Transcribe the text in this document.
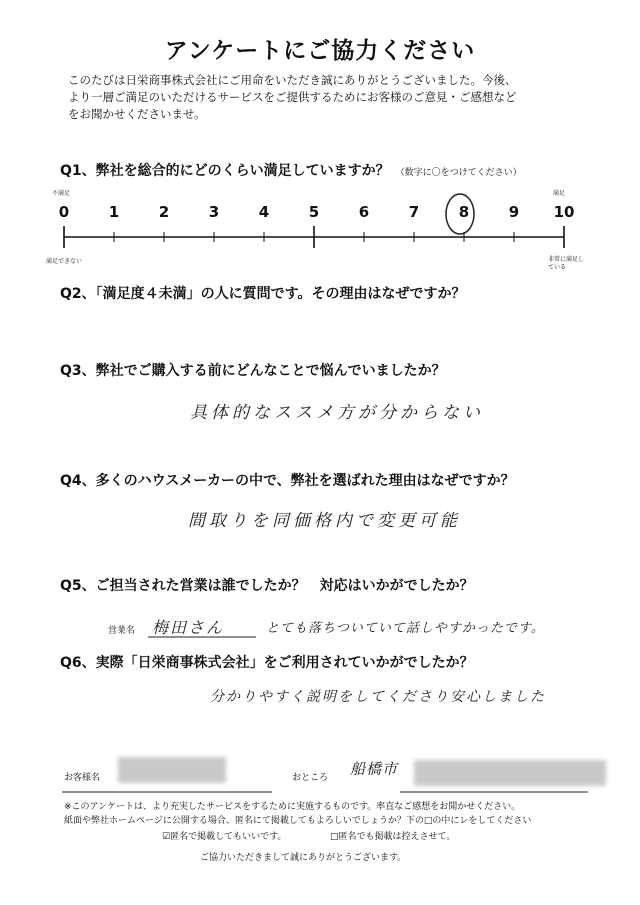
アンケートにご協力ください
このたびは日栄商事株式会社にご用命をいただき誠にありがとうございました。今後、
より一層ご満足のいただけるサービスをご提供するためにお客様のご意見・ご感想など
をお聞かせくださいませ。
Q1、弊社を総合的にどのくらい満足していますか？ （数字に〇をつけてください）
不満足	満足
0	1	2	3	4	5	6	7	8	9 10
満足できない	非常に満足している
Q2、「満足度４未満」の人に質問です。その理由はなぜですか？
Q3、弊社でご購入する前にどんなことで悩んでいましたか？
具体的なススメ方が分からない
Q4、多くのハウスメーカーの中で、弊社を選ばれた理由はなぜですか？
間取りを同価格内で変更可能
Q5、ご担当された営業は誰でしたか？　対応はいかがでしたか？
営業名 梅田さん	とても落ちついていて話しやすかったです。
Q6、実際「日栄商事株式会社」をご利用されていかがでしたか？
分かりやすく説明をしてくださり安心しました
お客様名	おところ 船橋市
※このアンケートは、より充実したサービスをするために実施するものです。率直なご感想をお聞かせください。
紙面や弊社ホームページに公開する場合、匿名にて掲載してもよろしいでしょうか？下の□の中にレをしてください
☑匿名で掲載してもいいです。	□匿名でも掲載は控えさせて。
ご協力いただきまして誠にありがとうございます。
